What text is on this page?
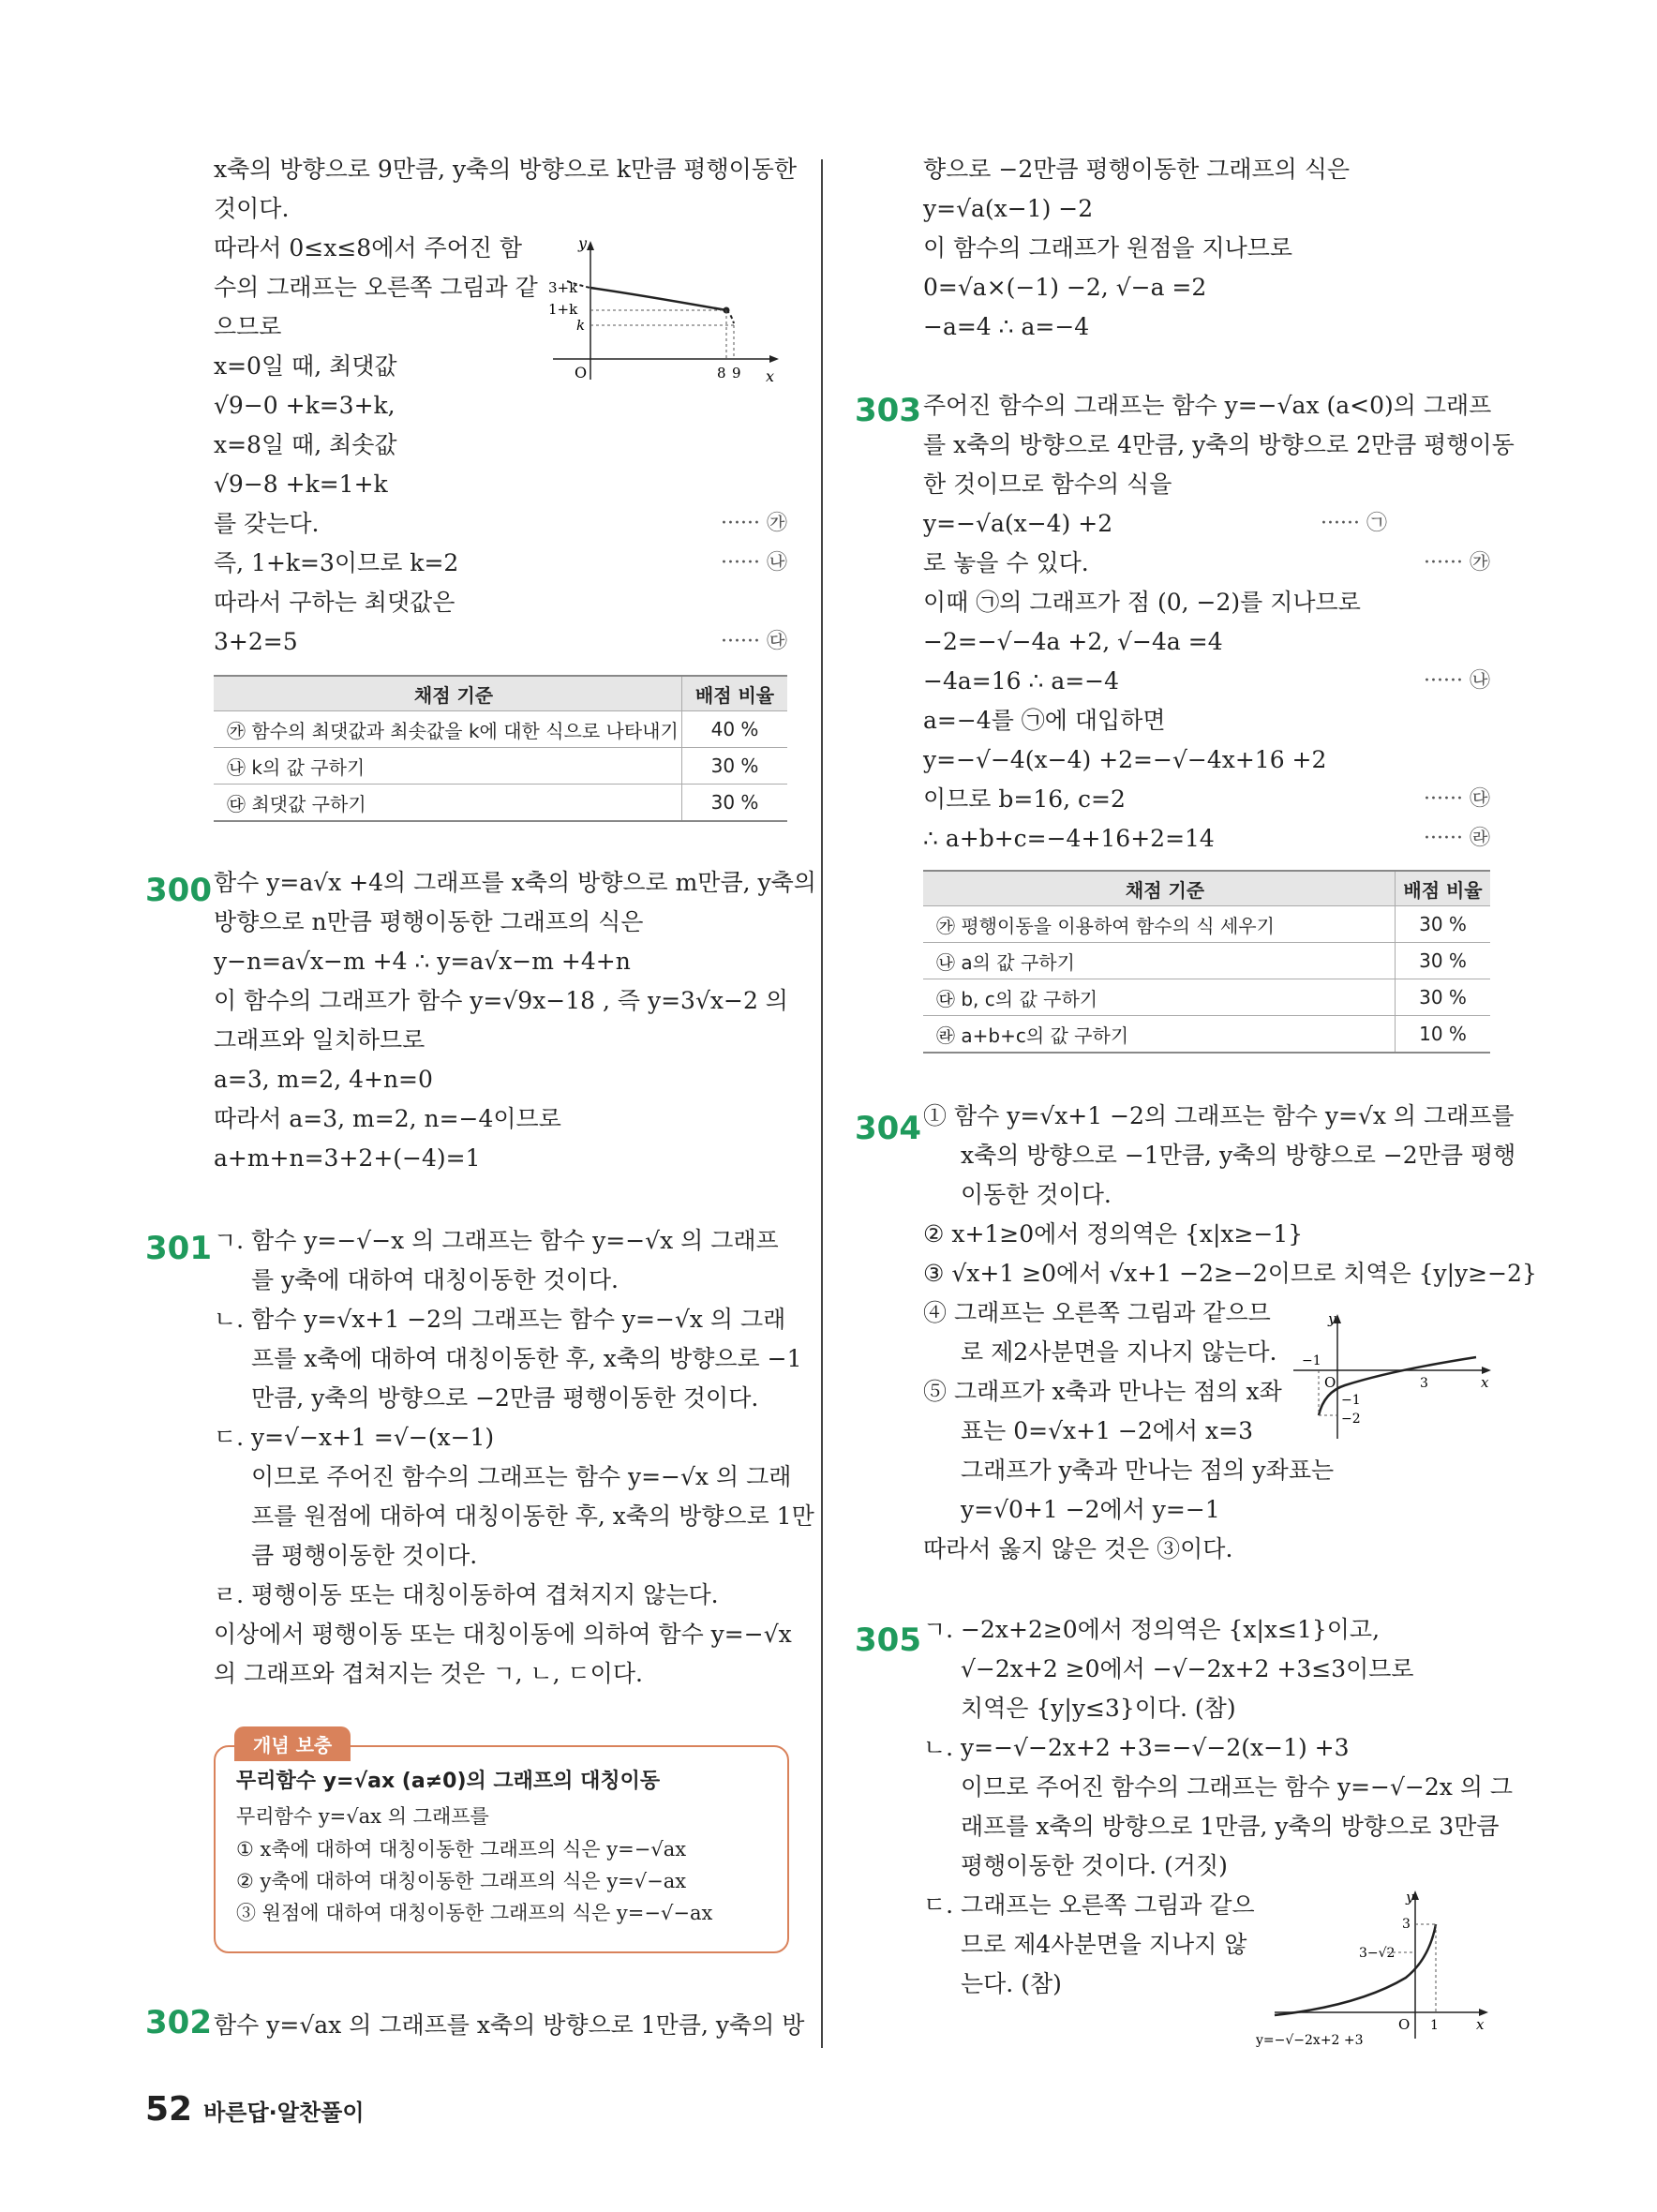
x축의 방향으로 9만큼, y축의 방향으로 k만큼 평행이동한
것이다.
따라서 0≤x≤8에서 주어진 함
수의 그래프는 오른쪽 그림과 같
으므로
x=0일 때, 최댓값
√9−0 +k=3+k,
x=8일 때, 최솟값
√9−8 +k=1+k
를 갖는다.	······ ㉮
즉, 1+k=3이므로 k=2	······ ㉯
따라서 구하는 최댓값은
3+2=5	······ ㉰
채점 기준	배점 비율
㉮ 함수의 최댓값과 최솟값을 k에 대한 식으로 나타내기	40 %
㉯ k의 값 구하기	30 %
㉰ 최댓값 구하기	30 %
함수 y=a√x +4의 그래프를 x축의 방향으로 m만큼, y축의
방향으로 n만큼 평행이동한 그래프의 식은
y−n=a√x−m +4 ∴ y=a√x−m +4+n
이 함수의 그래프가 함수 y=√9x−18 , 즉 y=3√x−2 의
그래프와 일치하므로
a=3, m=2, 4+n=0
따라서 a=3, m=2, n=−4이므로
a+m+n=3+2+(−4)=1
ㄱ. 함수 y=−√−x 의 그래프는 함수 y=−√x 의 그래프
를 y축에 대하여 대칭이동한 것이다.
ㄴ. 함수 y=√x+1 −2의 그래프는 함수 y=−√x 의 그래
프를 x축에 대하여 대칭이동한 후, x축의 방향으로 −1
만큼, y축의 방향으로 −2만큼 평행이동한 것이다.
ㄷ. y=√−x+1 =√−(x−1)
이므로 주어진 함수의 그래프는 함수 y=−√x 의 그래
프를 원점에 대하여 대칭이동한 후, x축의 방향으로 1만
큼 평행이동한 것이다.
ㄹ. 평행이동 또는 대칭이동하여 겹쳐지지 않는다.
이상에서 평행이동 또는 대칭이동에 의하여 함수 y=−√x
의 그래프와 겹쳐지는 것은 ㄱ, ㄴ, ㄷ이다.
300
301
302
y
x
O
3+k
1+k
k
8 9
개념 보충
무리함수 y=√ax (a≠0)의 그래프의 대칭이동
무리함수 y=√ax 의 그래프를
① x축에 대하여 대칭이동한 그래프의 식은 y=−√ax
② y축에 대하여 대칭이동한 그래프의 식은 y=√−ax
③ 원점에 대하여 대칭이동한 그래프의 식은 y=−√−ax
함수 y=√ax 의 그래프를 x축의 방향으로 1만큼, y축의 방
향으로 −2만큼 평행이동한 그래프의 식은
y=√a(x−1) −2
이 함수의 그래프가 원점을 지나므로
0=√a×(−1) −2, √−a =2
−a=4 ∴ a=−4
주어진 함수의 그래프는 함수 y=−√ax (a<0)의 그래프
를 x축의 방향으로 4만큼, y축의 방향으로 2만큼 평행이동
한 것이므로 함수의 식을
y=−√a(x−4) +2	······ ㉠
로 놓을 수 있다.	······ ㉮
이때 ㉠의 그래프가 점 (0, −2)를 지나므로
−2=−√−4a +2, √−4a =4
−4a=16 ∴ a=−4	······ ㉯
a=−4를 ㉠에 대입하면
y=−√−4(x−4) +2=−√−4x+16 +2
이므로 b=16, c=2	······ ㉰
∴ a+b+c=−4+16+2=14	······ ㉱
채점 기준	배점 비율
㉮ 평행이동을 이용하여 함수의 식 세우기	30 %
㉯ a의 값 구하기	30 %
㉰ b, c의 값 구하기	30 %
㉱ a+b+c의 값 구하기	10 %
① 함수 y=√x+1 −2의 그래프는 함수 y=√x 의 그래프를
x축의 방향으로 −1만큼, y축의 방향으로 −2만큼 평행
이동한 것이다.
② x+1≥0에서 정의역은 {x|x≥−1}
③ √x+1 ≥0에서 √x+1 −2≥−2이므로 치역은 {y|y≥−2}
④ 그래프는 오른쪽 그림과 같으므
로 제2사분면을 지나지 않는다.
⑤ 그래프가 x축과 만나는 점의 x좌
표는 0=√x+1 −2에서 x=3
그래프가 y축과 만나는 점의 y좌표는
y=√0+1 −2에서 y=−1
따라서 옳지 않은 것은 ③이다.
ㄱ. −2x+2≥0에서 정의역은 {x|x≤1}이고,
√−2x+2 ≥0에서 −√−2x+2 +3≤3이므로
치역은 {y|y≤3}이다. (참)
ㄴ. y=−√−2x+2 +3=−√−2(x−1) +3
이므로 주어진 함수의 그래프는 함수 y=−√−2x 의 그
래프를 x축의 방향으로 1만큼, y축의 방향으로 3만큼
평행이동한 것이다. (거짓)
ㄷ. 그래프는 오른쪽 그림과 같으
므로 제4사분면을 지나지 않
는다. (참)
303
304
305
y
x
O
−1
3
−1
−2
y
x
O
3
3−√2
1
y=−√−2x+2 +3
52 바른답·알찬풀이
